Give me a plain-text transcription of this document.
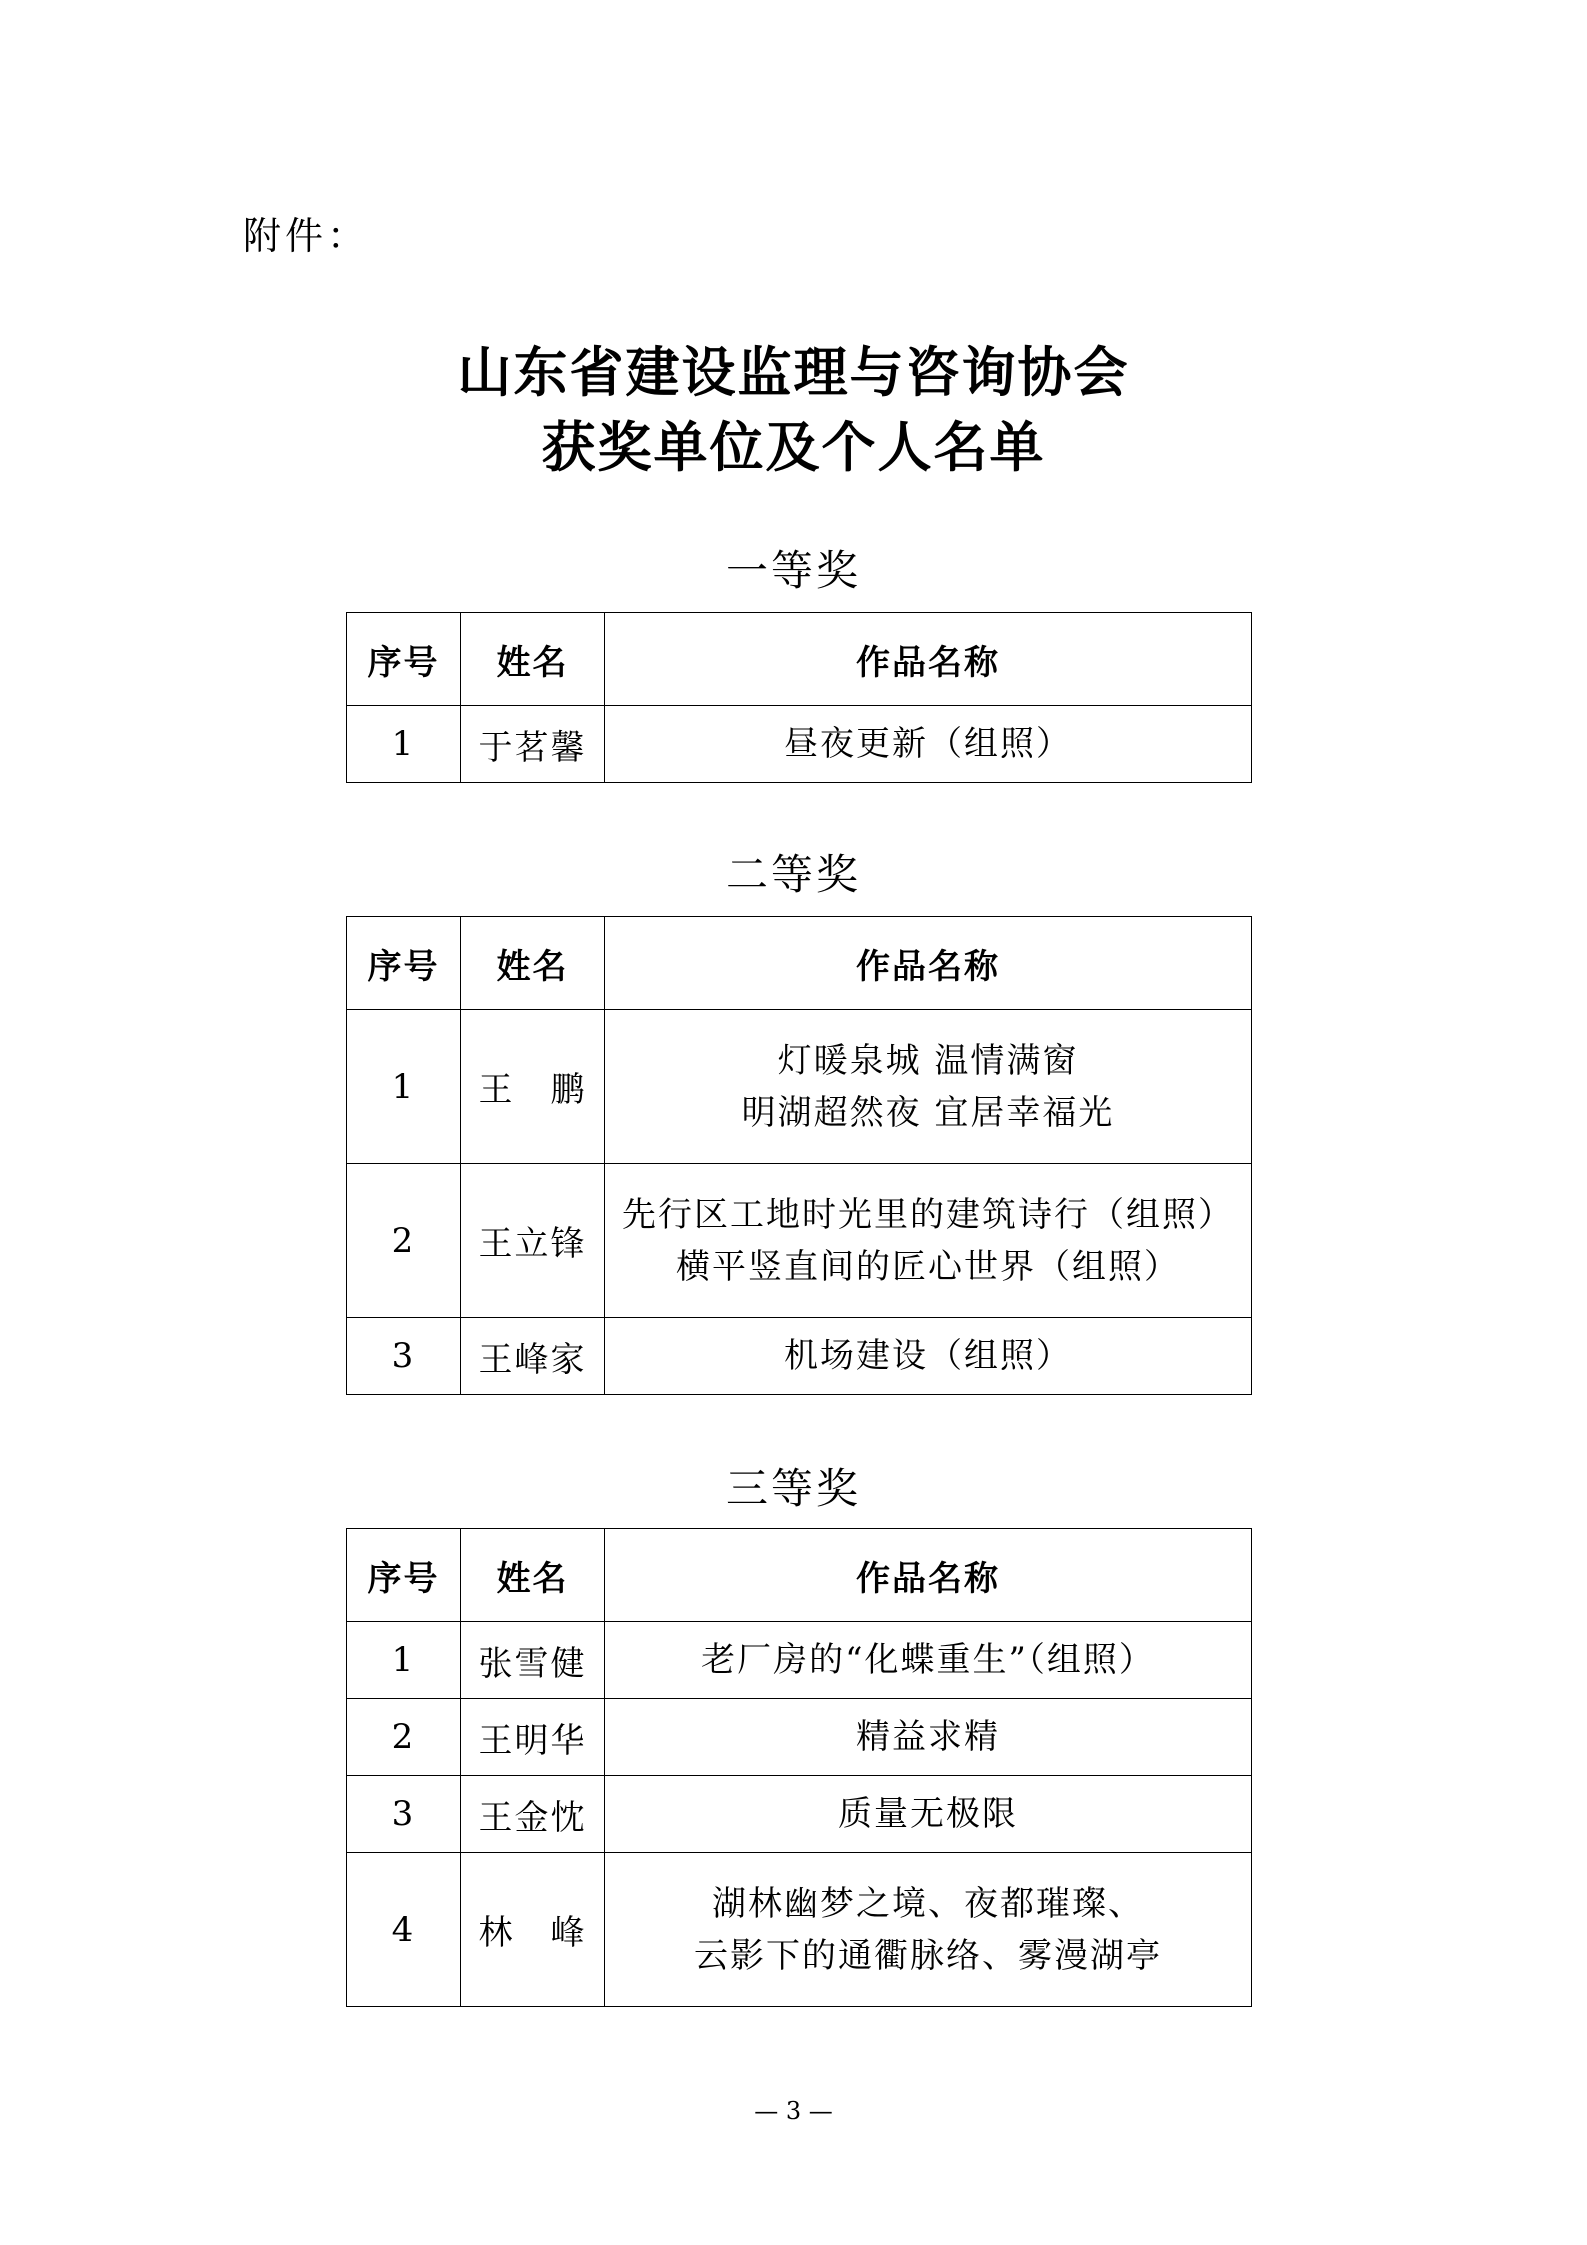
附件：
山东省建设监理与咨询协会
获奖单位及个人名单
一等奖
序号	姓名	作品名称
1	于茗馨	昼夜更新（组照）
二等奖
序号	姓名	作品名称
1	王　鹏	灯暖泉城 温情满窗
明湖超然夜 宜居幸福光

2	王立锋	先行区工地时光里的建筑诗行（组照）
横平竖直间的匠心世界（组照）

3	王峰家	机场建设（组照）
三等奖
序号	姓名	作品名称
1	张雪健	老厂房的“化蝶重生”（组照）

2	王明华	精益求精

3	王金忱	质量无极限

4	林　峰	湖林幽梦之境、夜都璀璨、
云影下的通衢脉络、雾漫湖亭
— 3 —
